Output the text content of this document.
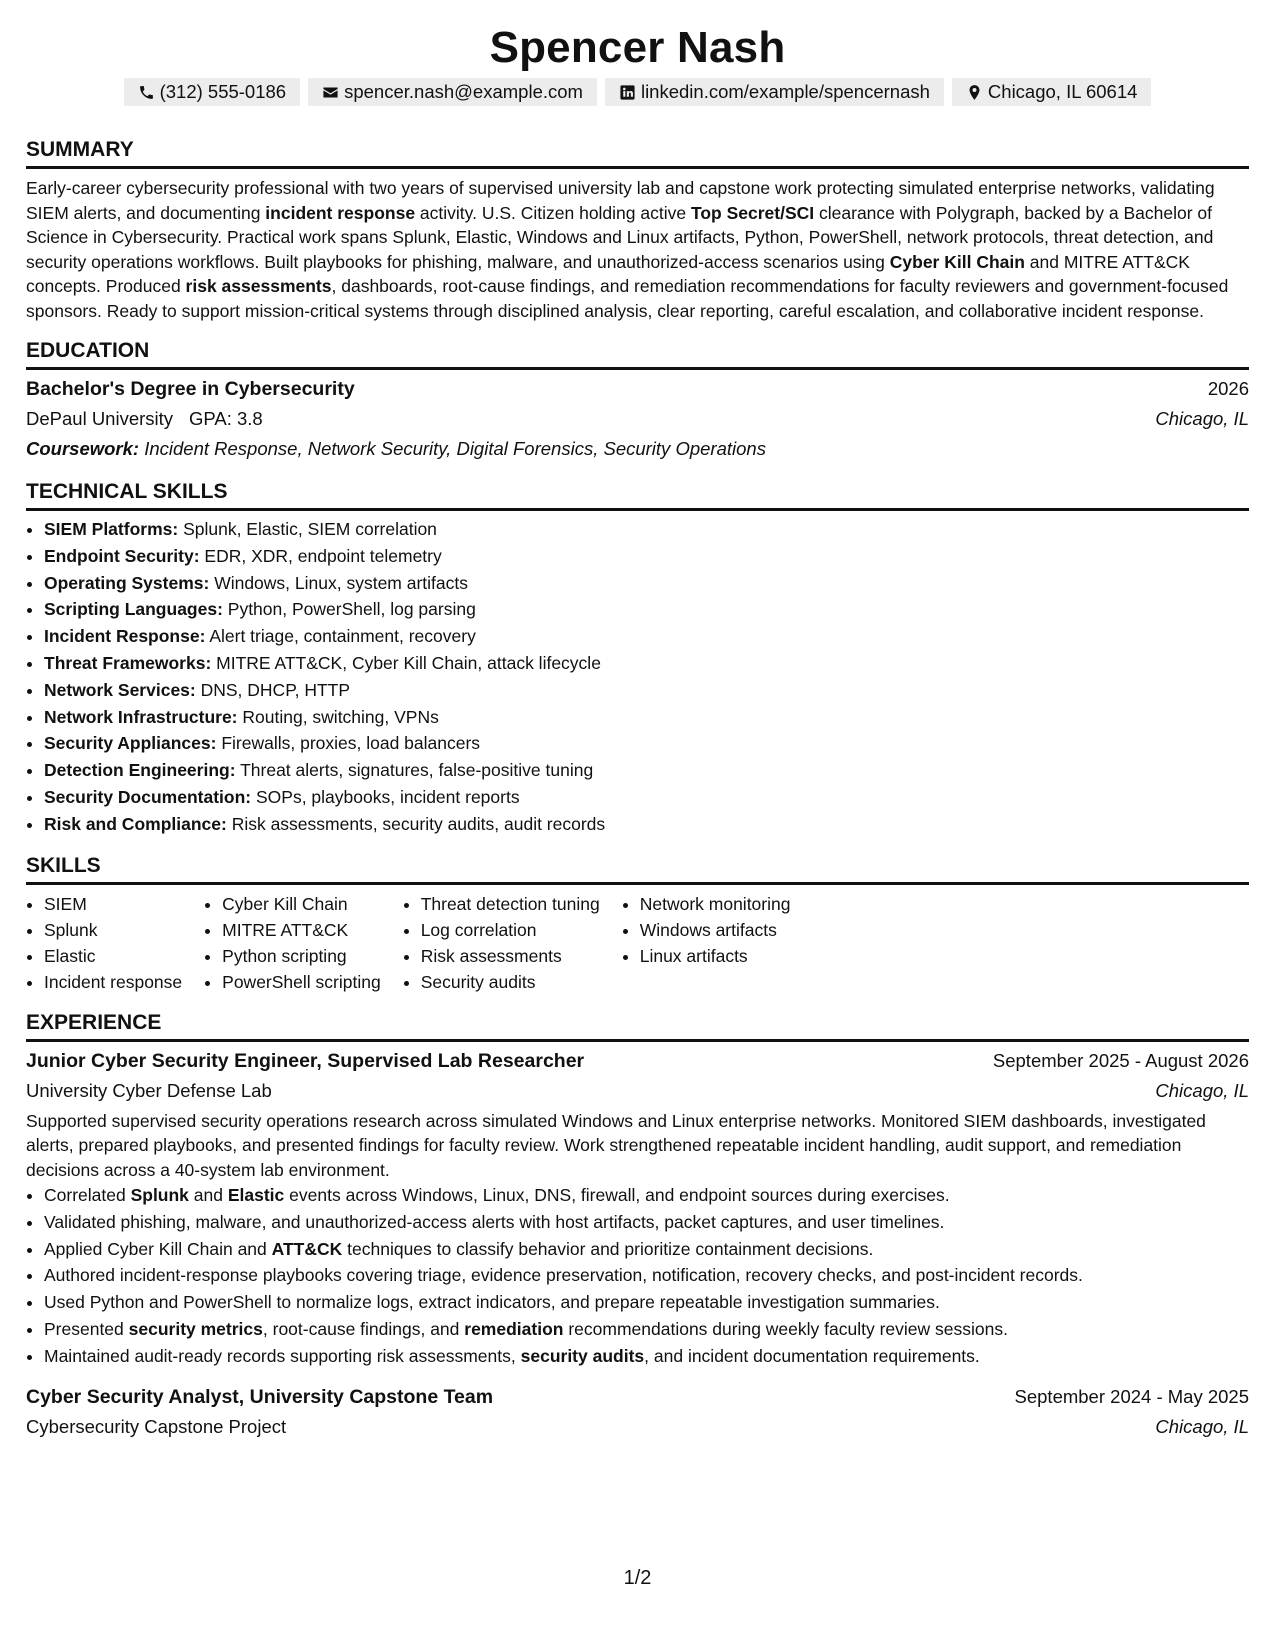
Spencer Nash
(312) 555-0186	spencer.nash@example.com	linkedin.com/example/spencernash	Chicago, IL 60614
SUMMARY

Early-career cybersecurity professional with two years of supervised university lab and capstone work protecting simulated enterprise networks, validating SIEM alerts, and documenting incident response activity. U.S. Citizen holding active Top Secret/SCI clearance with Polygraph, backed by a Bachelor of Science in Cybersecurity. Practical work spans Splunk, Elastic, Windows and Linux artifacts, Python, PowerShell, network protocols, threat detection, and security operations workflows. Built playbooks for phishing, malware, and unauthorized-access scenarios using Cyber Kill Chain and MITRE ATT&CK concepts. Produced risk assessments, dashboards, root-cause findings, and remediation recommendations for faculty reviewers and government-focused sponsors. Ready to support mission-critical systems through disciplined analysis, clear reporting, careful escalation, and collaborative incident response.

EDUCATION
Bachelor's Degree in Cybersecurity	2026
DePaul University GPA: 3.8	Chicago, IL
Coursework: Incident Response, Network Security, Digital Forensics, Security Operations
TECHNICAL SKILLS
• SIEM Platforms: Splunk, Elastic, SIEM correlation
• Endpoint Security: EDR, XDR, endpoint telemetry
• Operating Systems: Windows, Linux, system artifacts
• Scripting Languages: Python, PowerShell, log parsing
• Incident Response: Alert triage, containment, recovery
• Threat Frameworks: MITRE ATT&CK, Cyber Kill Chain, attack lifecycle
• Network Services: DNS, DHCP, HTTP
• Network Infrastructure: Routing, switching, VPNs
• Security Appliances: Firewalls, proxies, load balancers
• Detection Engineering: Threat alerts, signatures, false-positive tuning
• Security Documentation: SOPs, playbooks, incident reports
• Risk and Compliance: Risk assessments, security audits, audit records
SKILLS
• SIEM
• Splunk
• Elastic
• Incident response
• Cyber Kill Chain
• MITRE ATT&CK
• Python scripting
• PowerShell scripting
• Threat detection tuning
• Log correlation
• Risk assessments
• Security audits
• Network monitoring
• Windows artifacts
• Linux artifacts
EXPERIENCE
Junior Cyber Security Engineer, Supervised Lab Researcher	September 2025 - August 2026
University Cyber Defense Lab	Chicago, IL

Supported supervised security operations research across simulated Windows and Linux enterprise networks. Monitored SIEM dashboards, investigated alerts, prepared playbooks, and presented findings for faculty review. Work strengthened repeatable incident handling, audit support, and remediation decisions across a 40-system lab environment.

• Correlated Splunk and Elastic events across Windows, Linux, DNS, firewall, and endpoint sources during exercises.
• Validated phishing, malware, and unauthorized-access alerts with host artifacts, packet captures, and user timelines.
• Applied Cyber Kill Chain and ATT&CK techniques to classify behavior and prioritize containment decisions.
• Authored incident-response playbooks covering triage, evidence preservation, notification, recovery checks, and post-incident records.
• Used Python and PowerShell to normalize logs, extract indicators, and prepare repeatable investigation summaries.
• Presented security metrics, root-cause findings, and remediation recommendations during weekly faculty review sessions.
• Maintained audit-ready records supporting risk assessments, security audits, and incident documentation requirements.
Cyber Security Analyst, University Capstone Team	September 2024 - May 2025
Cybersecurity Capstone Project	Chicago, IL
1/2
